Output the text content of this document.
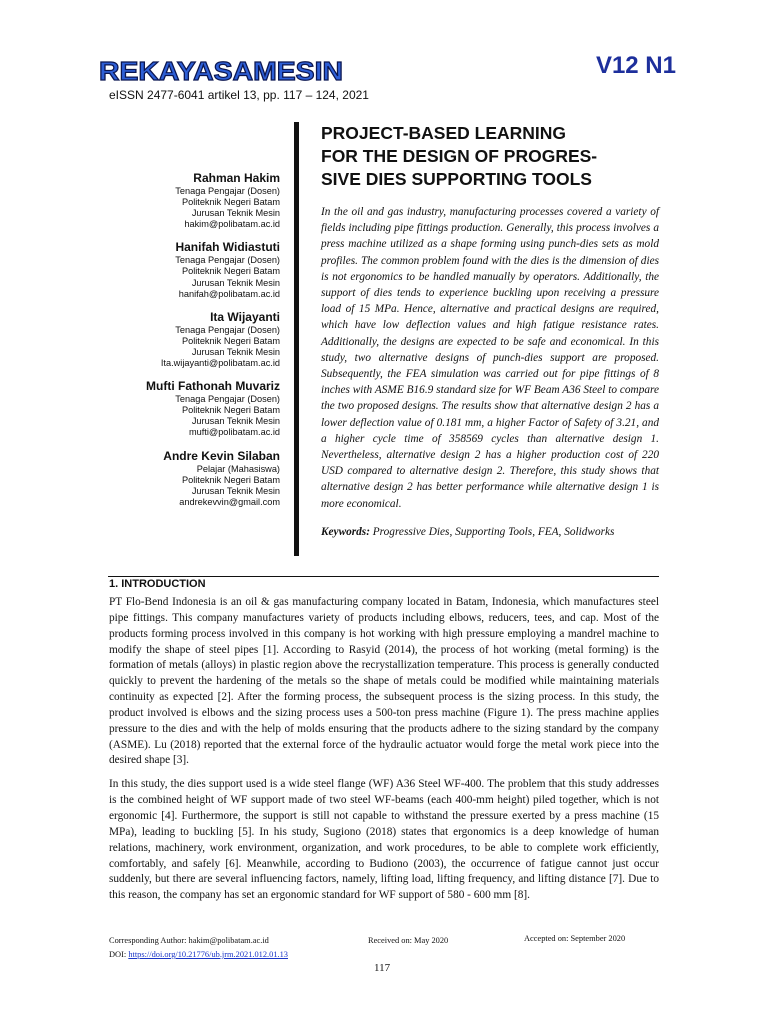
REKAYASAMESIN	V12 N1
eISSN 2477-6041 artikel 13, pp. 117 – 124, 2021
Rahman Hakim
Tenaga Pengajar (Dosen)
Politeknik Negeri Batam
Jurusan Teknik Mesin
hakim@polibatam.ac.id
Hanifah Widiastuti
Tenaga Pengajar (Dosen)
Politeknik Negeri Batam
Jurusan Teknik Mesin
hanifah@polibatam.ac.id
Ita Wijayanti
Tenaga Pengajar (Dosen)
Politeknik Negeri Batam
Jurusan Teknik Mesin
Ita.wijayanti@polibatam.ac.id
Mufti Fathonah Muvariz
Tenaga Pengajar (Dosen)
Politeknik Negeri Batam
Jurusan Teknik Mesin
mufti@polibatam.ac.id
Andre Kevin Silaban
Pelajar (Mahasiswa)
Politeknik Negeri Batam
Jurusan Teknik Mesin
andrekevvin@gmail.com
PROJECT-BASED LEARNING
FOR THE DESIGN OF PROGRES-
SIVE DIES SUPPORTING TOOLS

In the oil and gas industry, manufacturing processes covered a variety of fields including pipe fittings production. Generally, this process involves a press machine utilized as a shape forming using punch-dies sets as mold profiles. The common problem found with the dies is the dimension of dies is not ergonomics to be handled manually by operators. Additionally, the support of dies tends to experience buckling upon receiving a pressure load of 15 MPa. Hence, alternative and practical designs are required, which have low deflection values and high fatigue resistance rates. Additionally, the designs are expected to be safe and economical. In this study, two alternative designs of punch-dies support are proposed. Subsequently, the FEA simulation was carried out for pipe fittings of 8 inches with ASME B16.9 standard size for WF Beam A36 Steel to compare the two proposed designs. The results show that alternative design 2 has a lower deflection value of 0.181 mm, a higher Factor of Safety of 3.21, and a higher cycle time of 358569 cycles than alternative design 1. Nevertheless, alternative design 2 has a higher production cost of 220 USD compared to alternative design 2. Therefore, this study shows that alternative design 2 has better performance while alternative design 1 is more economical.

Keywords: Progressive Dies, Supporting Tools, FEA, Solidworks

1. INTRODUCTION

PT Flo-Bend Indonesia is an oil & gas manufacturing company located in Batam, Indonesia, which manufactures steel pipe fittings. This company manufactures variety of products including elbows, reducers, tees, and cap. Most of the products forming process involved in this company is hot working with high pressure employing a mandrel machine to modify the shape of steel pipes [1]. According to Rasyid (2014), the process of hot working (metal forming) is the formation of metals (alloys) in plastic region above the recrystallization temperature. This process is generally conducted quickly to prevent the hardening of the metals so the shape of metals could be modified while maintaining materials continuity as expected [2]. After the forming process, the subsequent process is the sizing process. In this study, the product involved is elbows and the sizing process uses a 500-ton press machine (Figure 1). The press machine applies pressure to the dies and with the help of molds ensuring that the products adhere to the sizing standard by the company (ASME). Lu (2018) reported that the external force of the hydraulic actuator would forge the metal work piece into the desired shape [3].

In this study, the dies support used is a wide steel flange (WF) A36 Steel WF-400. The problem that this study addresses is the combined height of WF support made of two steel WF-beams (each 400-mm height) piled together, which is not ergonomic [4]. Furthermore, the support is still not capable to withstand the pressure exerted by a press machine (15 MPa), leading to buckling [5]. In his study, Sugiono (2018) states that ergonomics is a deep knowledge of human relations, machinery, work environment, organization, and work procedures, to be able to complete work efficiently, comfortably, and safely [6]. Meanwhile, according to Budiono (2003), the occurrence of fatigue cannot just occur suddenly, but there are several influencing factors, namely, lifting load, lifting frequency, and lifting distance [7]. Due to this reason, the company has set an ergonomic standard for WF support of 580 - 600 mm [8].

Corresponding Author: hakim@polibatam.ac.id	Received on: May 2020	Accepted on: September 2020
DOI: https://doi.org/10.21776/ub.jrm.2021.012.01.13
117
